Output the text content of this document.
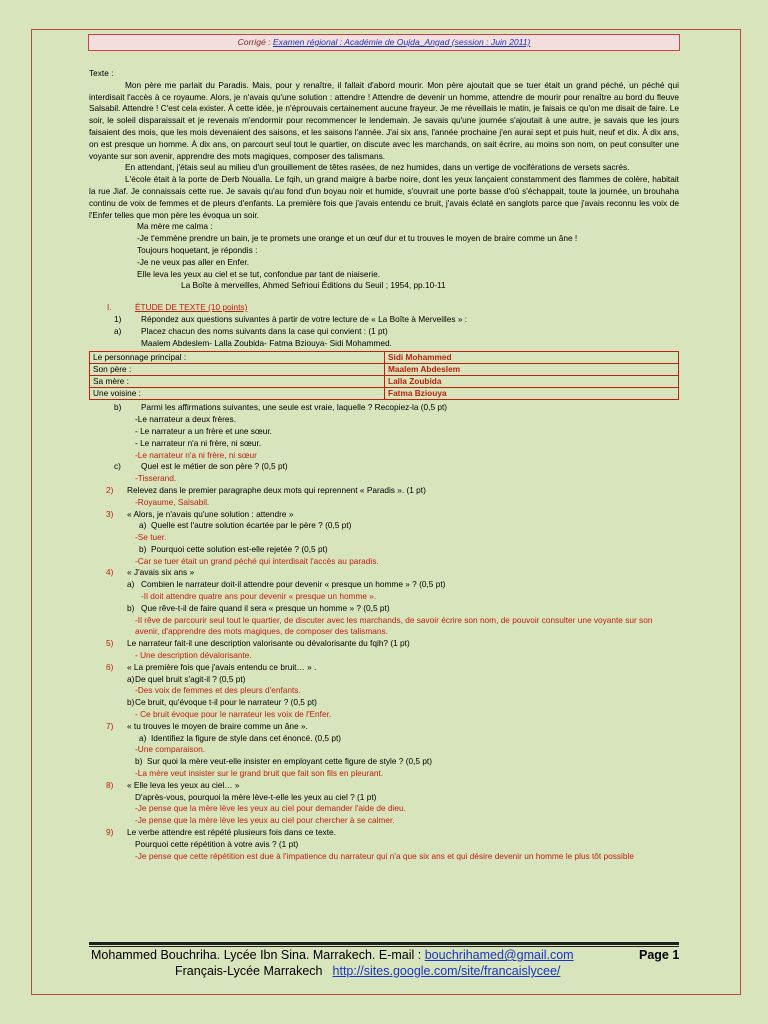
Corrigé : Examen régional : Académie de Oujda_Angad (session : Juin 2011)

Texte :

Mon père me parlait du Paradis. Mais, pour y renaître, il fallait d'abord mourir. Mon père ajoutait que se tuer était un grand péché, un péché qui interdisait l'accès à ce royaume. Alors, je n'avais qu'une solution : attendre ! Attendre de devenir un homme, attendre de mourir pour renaître au bord du fleuve Salsabil. Attendre ! C'est cela exister. À cette idée, je n'éprouvais certainement aucune frayeur. Je me réveillais le matin, je faisais ce qu'on me disait de faire. Le soir, le soleil disparaissait et je revenais m'endormir pour recommencer le lendemain. Je savais qu'une journée s'ajoutait à une autre, je savais que les jours faisaient des mois, que les mois devenaient des saisons, et les saisons l'année. J'ai six ans, l'année prochaine j'en aurai sept et puis huit, neuf et dix. À dix ans, on est presque un homme. À dix ans, on parcourt seul tout le quartier, on discute avec les marchands, on sait écrire, au moins son nom, on peut consulter une voyante sur son avenir, apprendre des mots magiques, composer des talismans.

En attendant, j'étais seul au milieu d'un grouillement de têtes rasées, de nez humides, dans un vertige de vociférations de versets sacrés.

L'école était à la porte de Derb Noualla. Le fqih, un grand maigre à barbe noire, dont les yeux lançaient constamment des flammes de colère, habitait la rue Jiaf. Je connaissais cette rue. Je savais qu'au fond d'un boyau noir et humide, s'ouvrait une porte basse d'où s'échappait, toute la journée, un brouhaha continu de voix de femmes et de pleurs d'enfants. La première fois que j'avais entendu ce bruit, j'avais éclaté en sanglots parce que j'avais reconnu les voix de l'Enfer telles que mon père les évoqua un soir.

Ma mère me calma :

-Je t'emmène prendre un bain, je te promets une orange et un œuf dur et tu trouves le moyen de braire comme un âne !

Toujours hoquetant, je répondis :

-Je ne veux pas aller en Enfer.

Elle leva les yeux au ciel et se tut, confondue par tant de niaiserie.

La Boîte à merveilles, Ahmed Sefrioui Éditions du Seuil ; 1954, pp.10-11

I.	ÉTUDE DE TEXTE (10 points)

1) Répondez aux questions suivantes à partir de votre lecture de « La Boîte à Merveilles » :

a) Placez chacun des noms suivants dans la case qui convient : (1 pt)

Maalem Abdeslem- Lalla Zoubida- Fatma Bziouya- Sidi Mohammed.

Le personnage principal :	Sidi Mohammed
Son père :	Maalem Abdeslem
Sa mère :	Lalla Zoubida
Une voisine :	Fatma Bziouya

b) Parmi les affirmations suivantes, une seule est vraie, laquelle ? Recopiez-la (0,5 pt)

-Le narrateur a deux frères.

- Le narrateur a un frère et une sœur.

- Le narrateur n'a ni frère, ni sœur.

-Le narrateur n'a ni frère, ni sœur

c) Quel est le métier de son père ? (0,5 pt)

-Tisserand.

2) Relevez dans le premier paragraphe deux mots qui reprennent « Paradis ». (1 pt)

-Royaume, Salsabil.

3) « Alors, je n'avais qu'une solution : attendre »

a) Quelle est l'autre solution écartée par le père ? (0,5 pt)

-Se tuer.

b) Pourquoi cette solution est-elle rejetée ? (0,5 pt)

-Car se tuer était un grand péché qui interdisait l'accès au paradis.

4) « J'avais six ans »

a) Combien le narrateur doit-il attendre pour devenir « presque un homme » ? (0,5 pt)

-Il doit attendre quatre ans pour devenir « presque un homme ».

b) Que rêve-t-il de faire quand il sera « presque un homme » ? (0,5 pt)

-Il rêve de parcourir seul tout le quartier, de discuter avec les marchands, de savoir écrire son nom, de pouvoir consulter une voyante sur son avenir, d'apprendre des mots magiques, de composer des talismans.

5) Le narrateur fait-il une description valorisante ou dévalorisante du fqih? (1 pt)

- Une description dévalorisante.

6) « La première fois que j'avais entendu ce bruit… » .

a)De quel bruit s'agit-il ? (0,5 pt)

-Des voix de femmes et des pleurs d'enfants.

b)Ce bruit, qu'évoque t-il pour le narrateur ? (0,5 pt)

- Ce bruit évoque pour le narrateur les voix de l'Enfer.

7) « tu trouves le moyen de braire comme un âne ».

a) Identifiez la figure de style dans cet énoncé. (0,5 pt)

-Une comparaison.

b) Sur quoi la mère veut-elle insister en employant cette figure de style ? (0,5 pt)

-La mère veut insister sur le grand bruit que fait son fils en pleurant.

8) « Elle leva les yeux au ciel… »

D'après-vous, pourquoi la mère lève-t-elle les yeux au ciel ? (1 pt)

-Je pense que la mère lève les yeux au ciel pour demander l'aide de dieu.

-Je pense que la mère lève les yeux au ciel pour chercher à se calmer.

9) Le verbe attendre est répété plusieurs fois dans ce texte.

Pourquoi cette répétition à votre avis ? (1 pt)

-Je pense que cette répétition est due à l'impatience du narrateur qui n'a que six ans et qui désire devenir un homme le plus tôt possible

Mohammed Bouchriha. Lycée Ibn Sina. Marrakech. E-mail : bouchrihamed@gmail.com	Page 1
Français-Lycée Marrakech http://sites.google.com/site/francaislycee/
